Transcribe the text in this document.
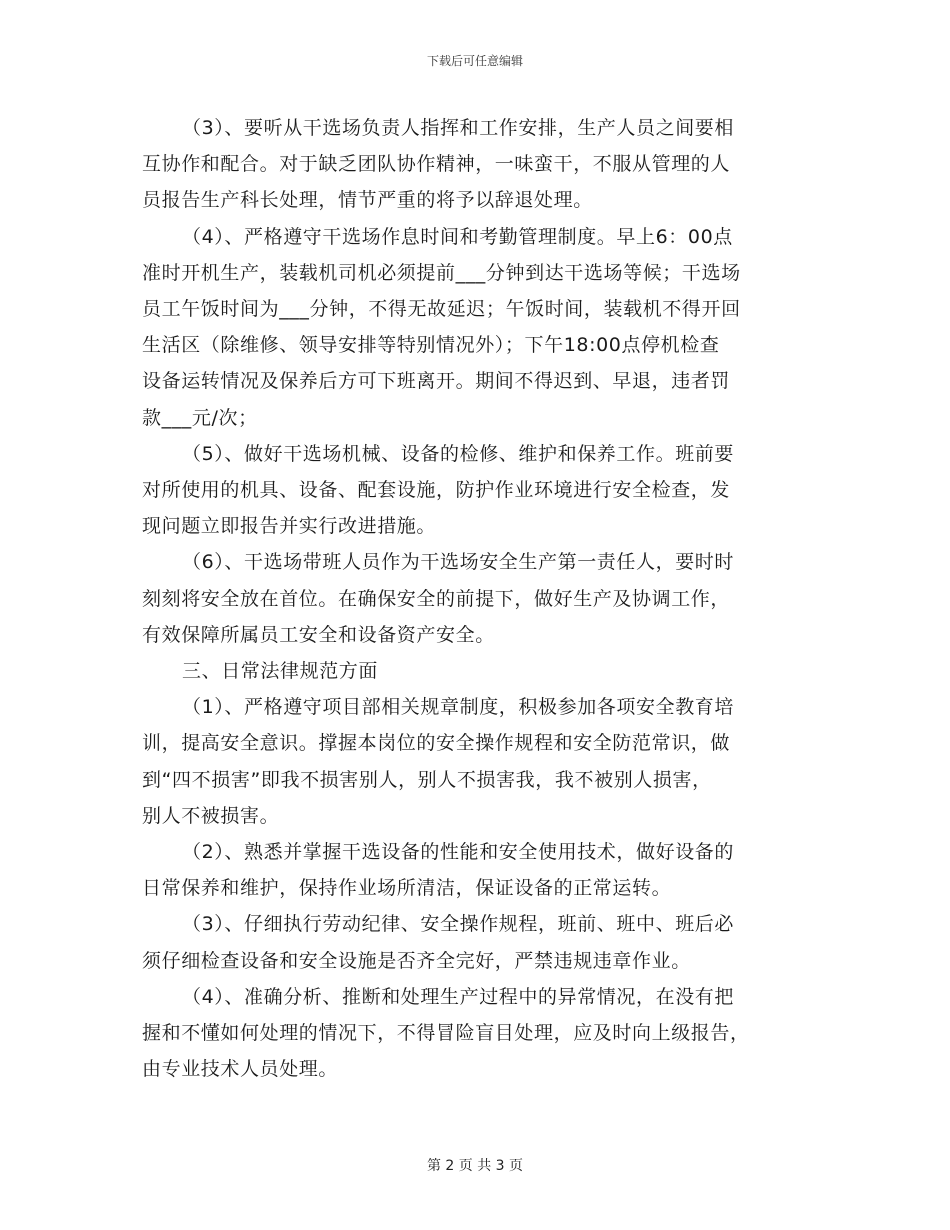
下载后可任意编辑
（3）、要听从干选场负责人指挥和工作安排，生产人员之间要相
互协作和配合。对于缺乏团队协作精神，一味蛮干，不服从管理的人
员报告生产科长处理，情节严重的将予以辞退处理。
（4）、严格遵守干选场作息时间和考勤管理制度。早上6：00点
准时开机生产，装载机司机必须提前___分钟到达干选场等候；干选场
员工午饭时间为___分钟，不得无故延迟；午饭时间，装载机不得开回
生活区（除维修、领导安排等特别情况外）；下午18:00点停机检查
设备运转情况及保养后方可下班离开。期间不得迟到、早退，违者罚
款___元/次；
（5）、做好干选场机械、设备的检修、维护和保养工作。班前要
对所使用的机具、设备、配套设施，防护作业环境进行安全检查，发
现问题立即报告并实行改进措施。
（6）、干选场带班人员作为干选场安全生产第一责任人，要时时
刻刻将安全放在首位。在确保安全的前提下，做好生产及协调工作，
有效保障所属员工安全和设备资产安全。
三、日常法律规范方面
（1）、严格遵守项目部相关规章制度，积极参加各项安全教育培
训，提高安全意识。撑握本岗位的安全操作规程和安全防范常识，做
到“四不损害”即我不损害别人，别人不损害我，我不被别人损害，
别人不被损害。
（2）、熟悉并掌握干选设备的性能和安全使用技术，做好设备的
日常保养和维护，保持作业场所清洁，保证设备的正常运转。
（3）、仔细执行劳动纪律、安全操作规程，班前、班中、班后必
须仔细检查设备和安全设施是否齐全完好，严禁违规违章作业。
（4）、准确分析、推断和处理生产过程中的异常情况，在没有把
握和不懂如何处理的情况下，不得冒险盲目处理，应及时向上级报告，
由专业技术人员处理。
第 2 页 共 3 页
